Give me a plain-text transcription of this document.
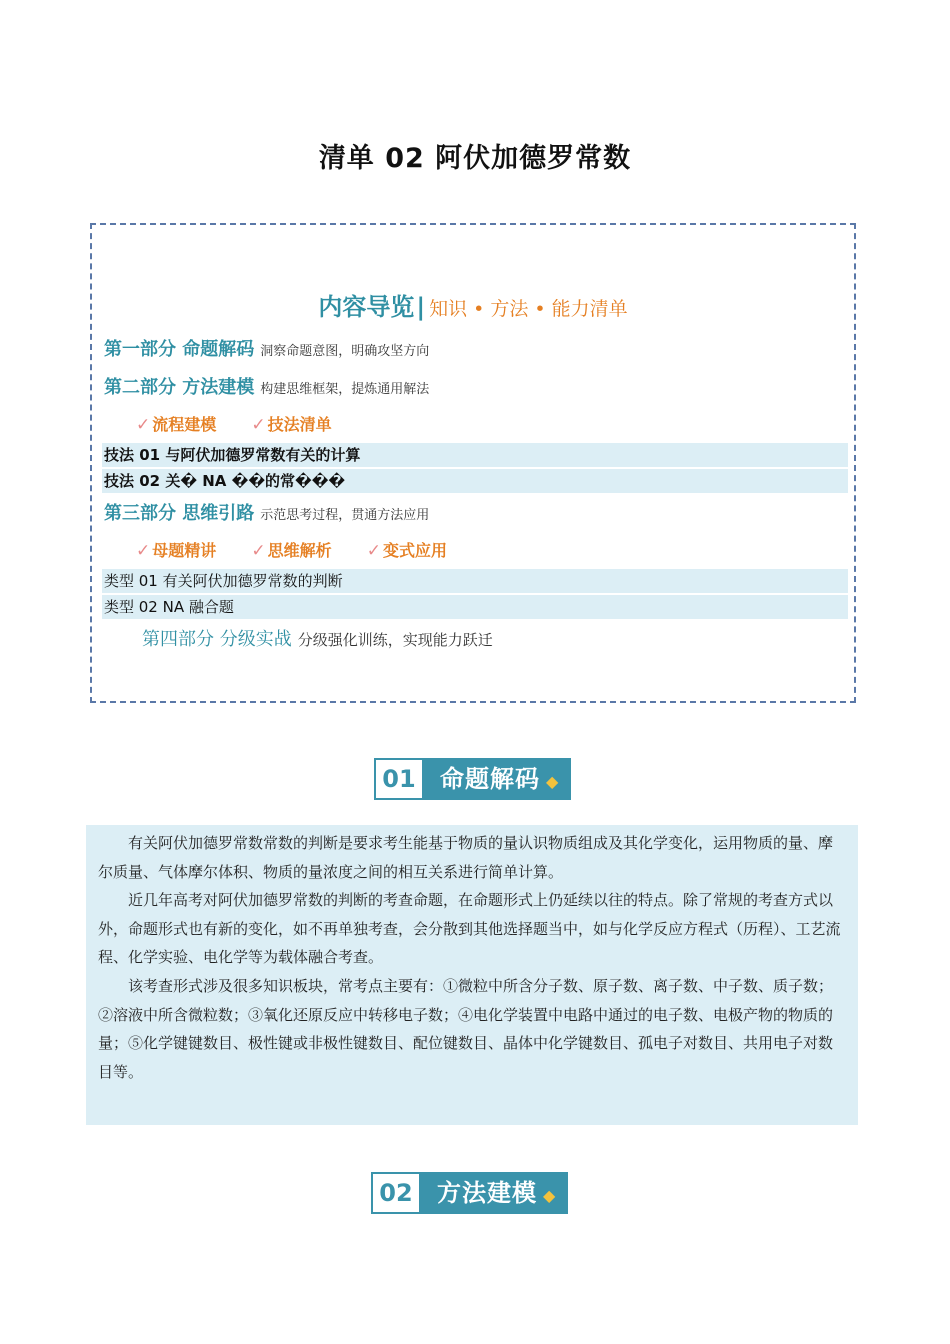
清单 02 阿伏加德罗常数
内容导览| 知识 • 方法 • 能力清单
第一部分 命题解码 洞察命题意图，明确攻坚方向
第二部分 方法建模 构建思维框架，提炼通用解法
✓ 流程建模 ✓ 技法清单
技法 01 与阿伏加德罗常数有关的计算
技法 02 关� NA ��的常���
第三部分 思维引路 示范思考过程，贯通方法应用
✓ 母题精讲 ✓ 思维解析 ✓ 变式应用
类型 01 有关阿伏加德罗常数的判断
类型 02 NA 融合题
第四部分 分级实战 分级强化训练，实现能力跃迁
01	命题解码 ◆

有关阿伏加德罗常数常数的判断是要求考生能基于物质的量认识物质组成及其化学变化，运用物质的量、摩尔质量、气体摩尔体积、物质的量浓度之间的相互关系进行简单计算。

近几年高考对阿伏加德罗常数的判断的考查命题，在命题形式上仍延续以往的特点。除了常规的考查方式以外，命题形式也有新的变化，如不再单独考查，会分散到其他选择题当中，如与化学反应方程式（历程）、工艺流程、化学实验、电化学等为载体融合考查。

该考查形式涉及很多知识板块，常考点主要有：①微粒中所含分子数、原子数、离子数、中子数、质子数；②溶液中所含微粒数；③氧化还原反应中转移电子数；④电化学装置中电路中通过的电子数、电极产物的物质的量；⑤化学键键数目、极性键或非极性键数目、配位键数目、晶体中化学键数目、孤电子对数目、共用电子对数目等。

02	方法建模 ◆
